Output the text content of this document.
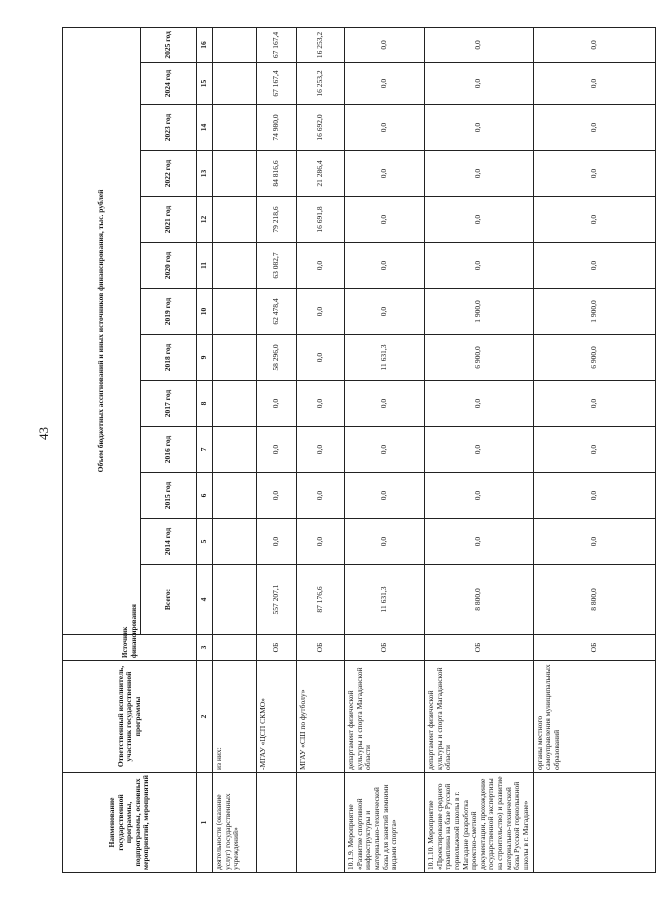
43
Наименование государственной программы, подпрограммы, основных мероприятий, мероприятий	Ответственный исполнитель, участник государственной программы	Источник финансирования	Объем бюджетных ассигнований и иных источников финансирования, тыс. рублей												
			Всего:	2014 год	2015 год	2016 год	2017 год	2018 год	2019 год	2020 год	2021 год	2022 год	2023 год	2024 год	2025 год
1	2	3	4	5	6	7	8	9	10	11	12	13	14	15	16
деятельности (оказание услуг) государственных учреждений»	из них:														
	-МГАУ «ЦСП СКМО»	ОБ	557 207,1	0,0	0,0	0,0	0,0	58 296,0	62 478,4	63 082,7	79 218,6	84 816,6	74 980,0	67 167,4	67 167,4
	МГАУ «СШ по футболу»	ОБ	87 176,6	0,0	0,0	0,0	0,0	0,0	0,0	0,0	16 691,8	21 286,4	16 692,0	16 253,2	16 253,2
10.1.9. Мероприятие «Развитие спортивной инфраструктуры и материально-технической базы для занятий зимними видами спорта»	департамент физической культуры и спорта Магаданской области	ОБ	11 631,3	0,0	0,0	0,0	0,0	11 631,3	0,0	0,0	0,0	0,0	0,0	0,0	0,0
10.1.10. Мероприятие «Проектирование среднего трамплина на базе Русской горнолыжной школы в г. Магадане (разработка проектно-сметной документации, прохождение государственной экспертизы на строительство) и развитие материально-технической базы Русской горнолыжной школы в г. Магадане»	департамент физической культуры и спорта Магаданской области	ОБ	8 800,0	0,0	0,0	0,0	0,0	6 900,0	1 900,0	0,0	0,0	0,0	0,0	0,0	0,0
	органы местного самоуправления муниципальных образований	ОБ	8 800,0	0,0	0,0	0,0	0,0	6 900,0	1 900,0	0,0	0,0	0,0	0,0	0,0	0,0
